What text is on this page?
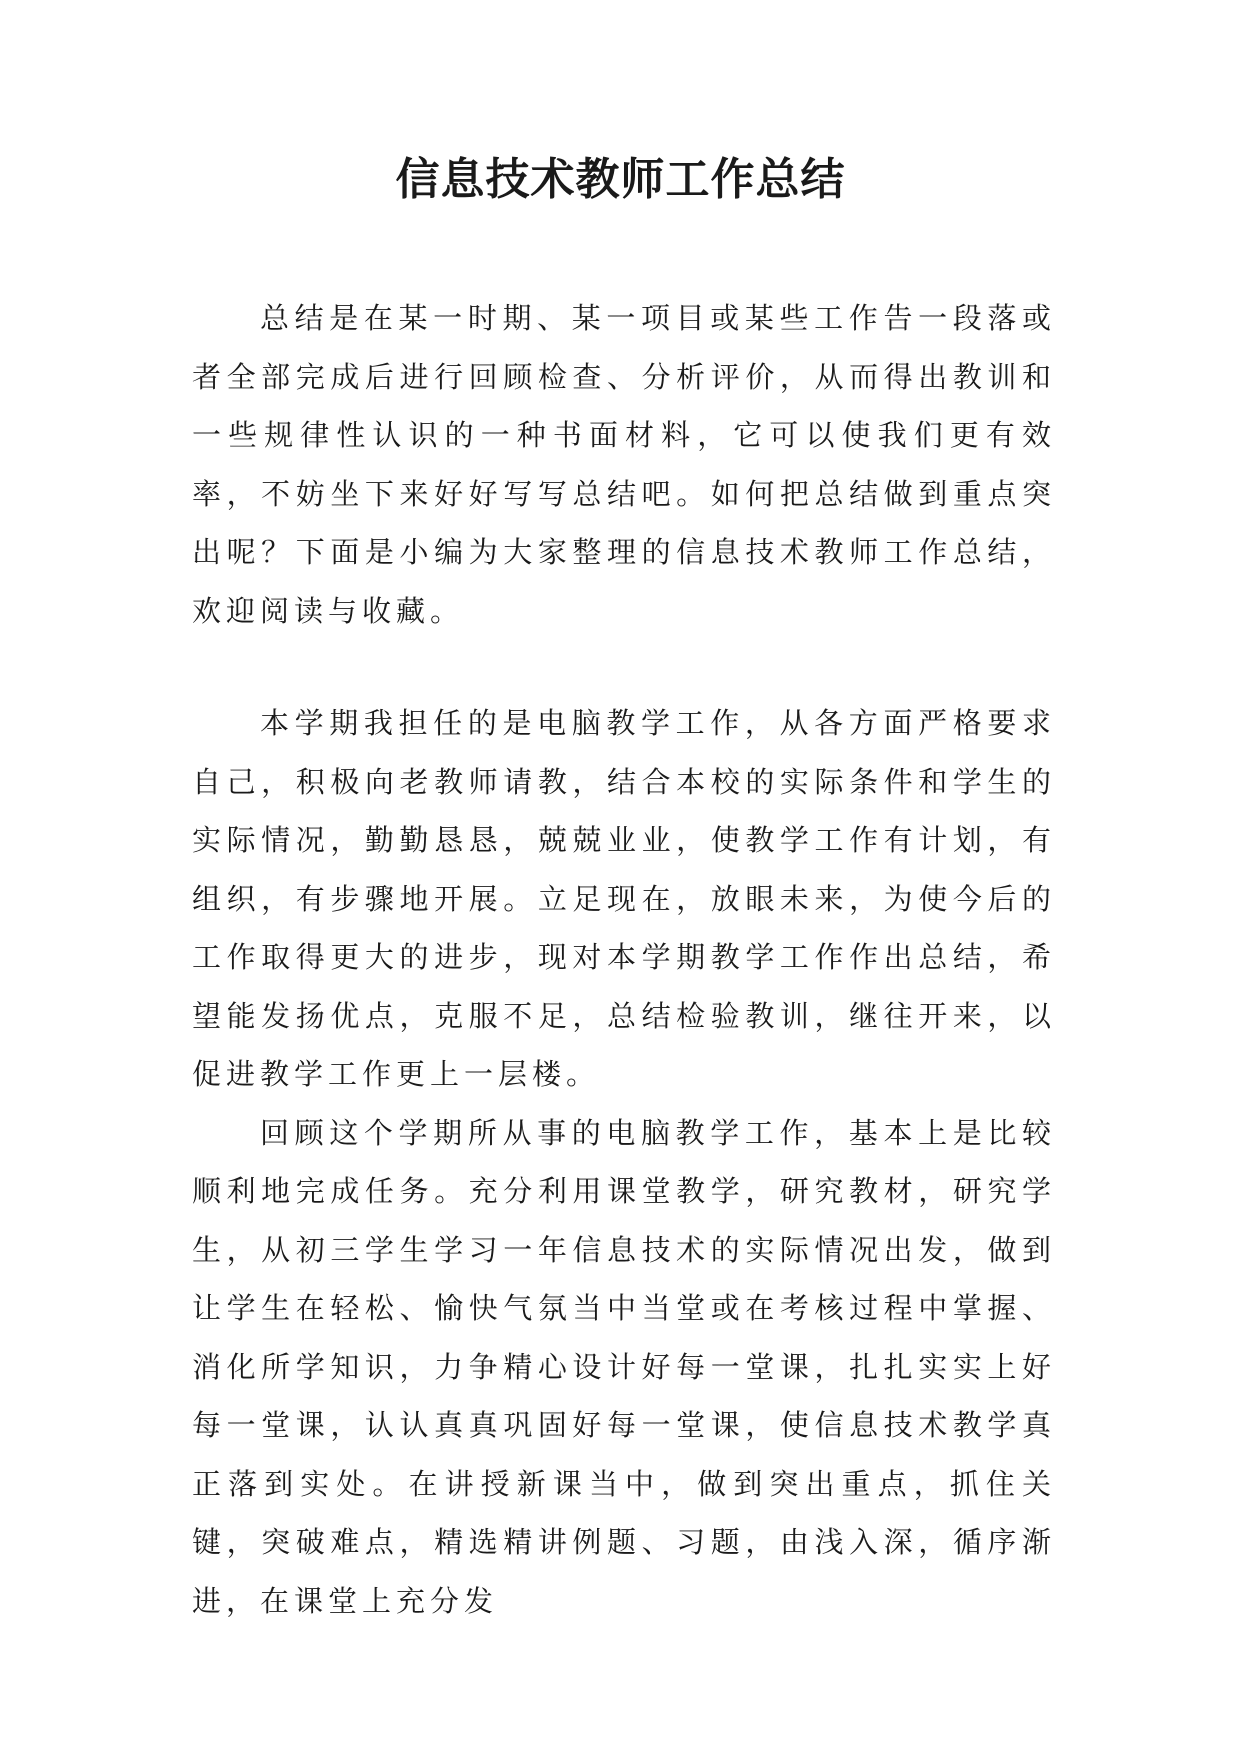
信息技术教师工作总结

总结是在某一时期、某一项目或某些工作告一段落或者全部完成后进行回顾检查、分析评价，从而得出教训和一些规律性认识的一种书面材料，它可以使我们更有效率，不妨坐下来好好写写总结吧。如何把总结做到重点突出呢？下面是小编为大家整理的信息技术教师工作总结，欢迎阅读与收藏。

本学期我担任的是电脑教学工作，从各方面严格要求自己，积极向老教师请教，结合本校的实际条件和学生的实际情况，勤勤恳恳，兢兢业业，使教学工作有计划，有组织，有步骤地开展。立足现在，放眼未来，为使今后的工作取得更大的进步，现对本学期教学工作作出总结，希望能发扬优点，克服不足，总结检验教训，继往开来，以促进教学工作更上一层楼。

回顾这个学期所从事的电脑教学工作，基本上是比较顺利地完成任务。充分利用课堂教学，研究教材，研究学生，从初三学生学习一年信息技术的实际情况出发，做到让学生在轻松、愉快气氛当中当堂或在考核过程中掌握、消化所学知识，力争精心设计好每一堂课，扎扎实实上好每一堂课，认认真真巩固好每一堂课，使信息技术教学真正落到实处。在讲授新课当中，做到突出重点，抓住关键，突破难点，精选精讲例题、习题，由浅入深，循序渐进，在课堂上充分发
